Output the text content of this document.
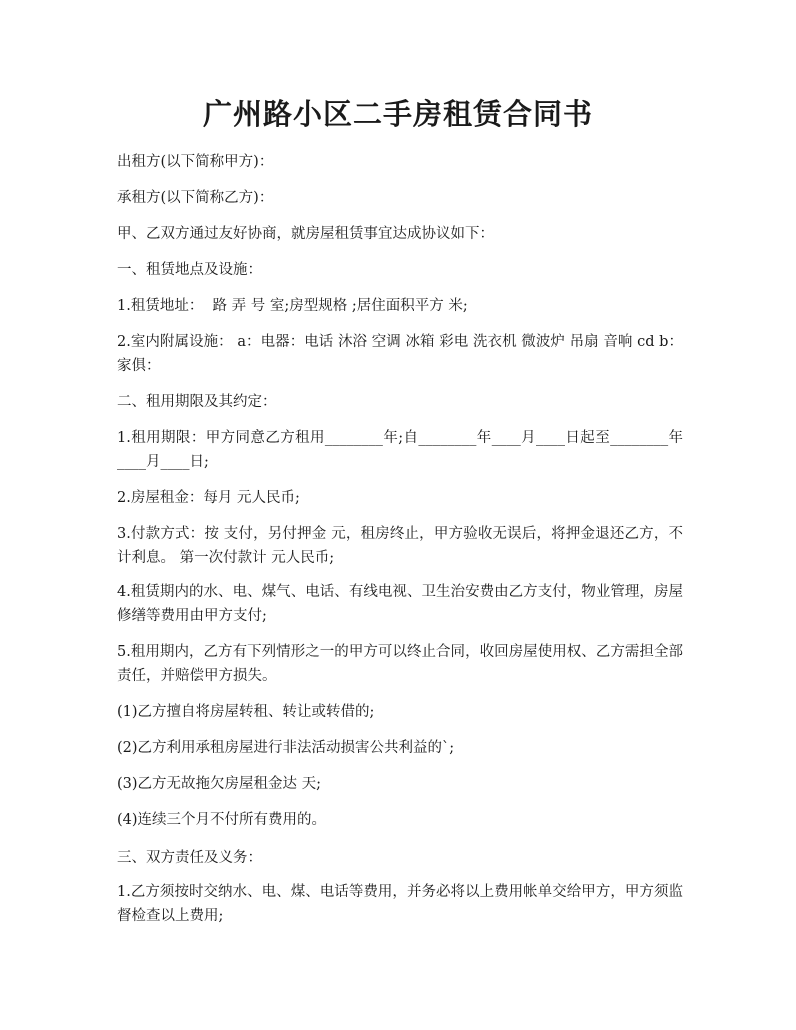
广州路小区二手房租赁合同书

出租方(以下简称甲方)：

承租方(以下简称乙方)：

甲、乙双方通过友好协商，就房屋租赁事宜达成协议如下：

一、租赁地点及设施：

1.租赁地址：  路 弄 号 室;房型规格 ;居住面积平方 米;

2.室内附属设施： a：电器：电话 沐浴 空调 冰箱 彩电 洗衣机 微波炉 吊扇 音响 cd b：家俱：

二、租用期限及其约定：

1.租用期限：甲方同意乙方租用________年;自________年____月____日起至________年____月____日;

2.房屋租金：每月 元人民币;

3.付款方式：按 支付，另付押金 元，租房终止，甲方验收无误后，将押金退还乙方，不计利息。 第一次付款计 元人民币;

4.租赁期内的水、电、煤气、电话、有线电视、卫生治安费由乙方支付，物业管理，房屋修缮等费用由甲方支付;

5.租用期内，乙方有下列情形之一的甲方可以终止合同，收回房屋使用权、乙方需担全部责任，并赔偿甲方损失。

(1)乙方擅自将房屋转租、转让或转借的;

(2)乙方利用承租房屋进行非法活动损害公共利益的`;

(3)乙方无故拖欠房屋租金达 天;

(4)连续三个月不付所有费用的。

三、双方责任及义务：

1.乙方须按时交纳水、电、煤、电话等费用，并务必将以上费用帐单交给甲方，甲方须监督检查以上费用;
